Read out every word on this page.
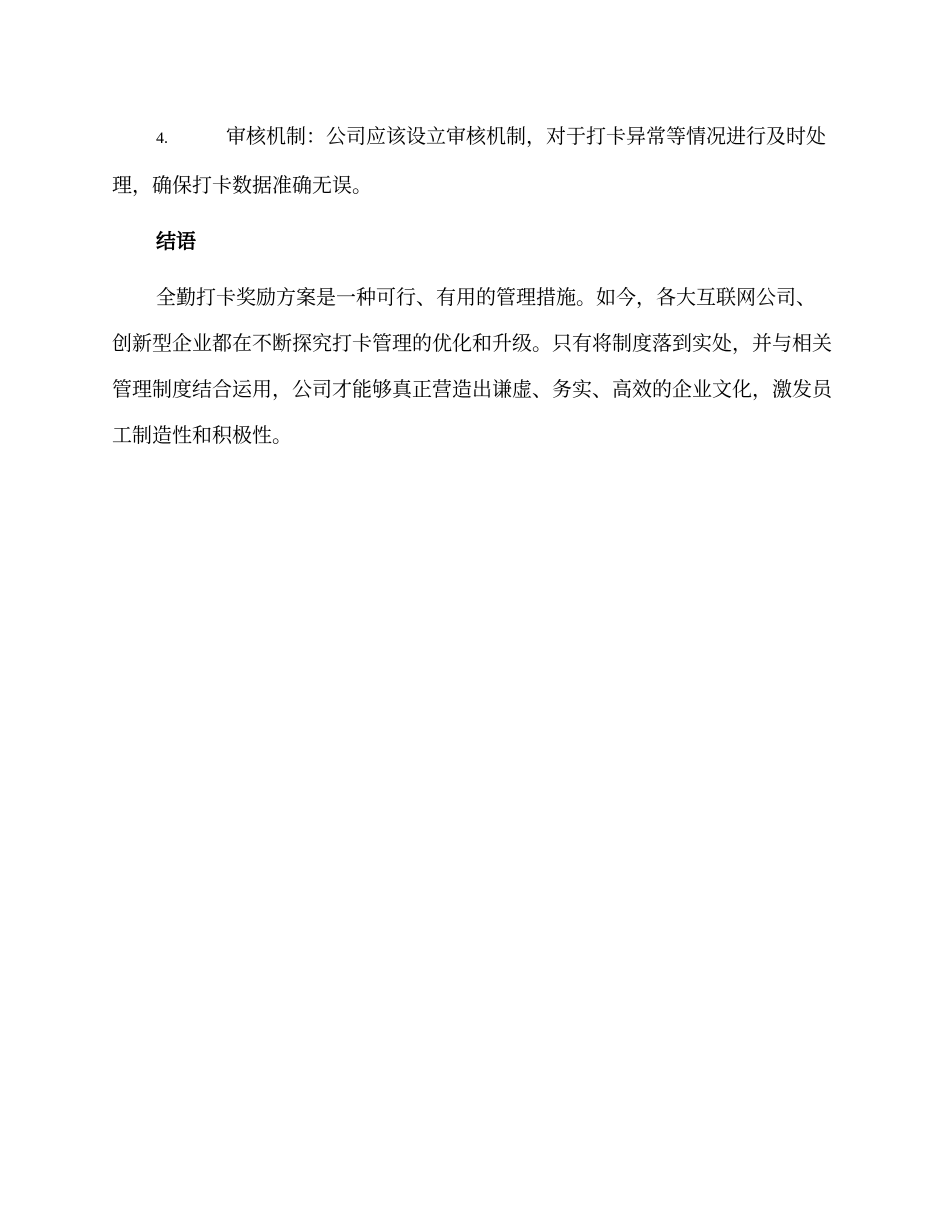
4.	审核机制：公司应该设立审核机制，对于打卡异常等情况进行及时处理，确保打卡数据准确无误。

结语

全勤打卡奖励方案是一种可行、有用的管理措施。如今，各大互联网公司、创新型企业都在不断探究打卡管理的优化和升级。只有将制度落到实处，并与相关管理制度结合运用，公司才能够真正营造出谦虚、务实、高效的企业文化，激发员工制造性和积极性。
